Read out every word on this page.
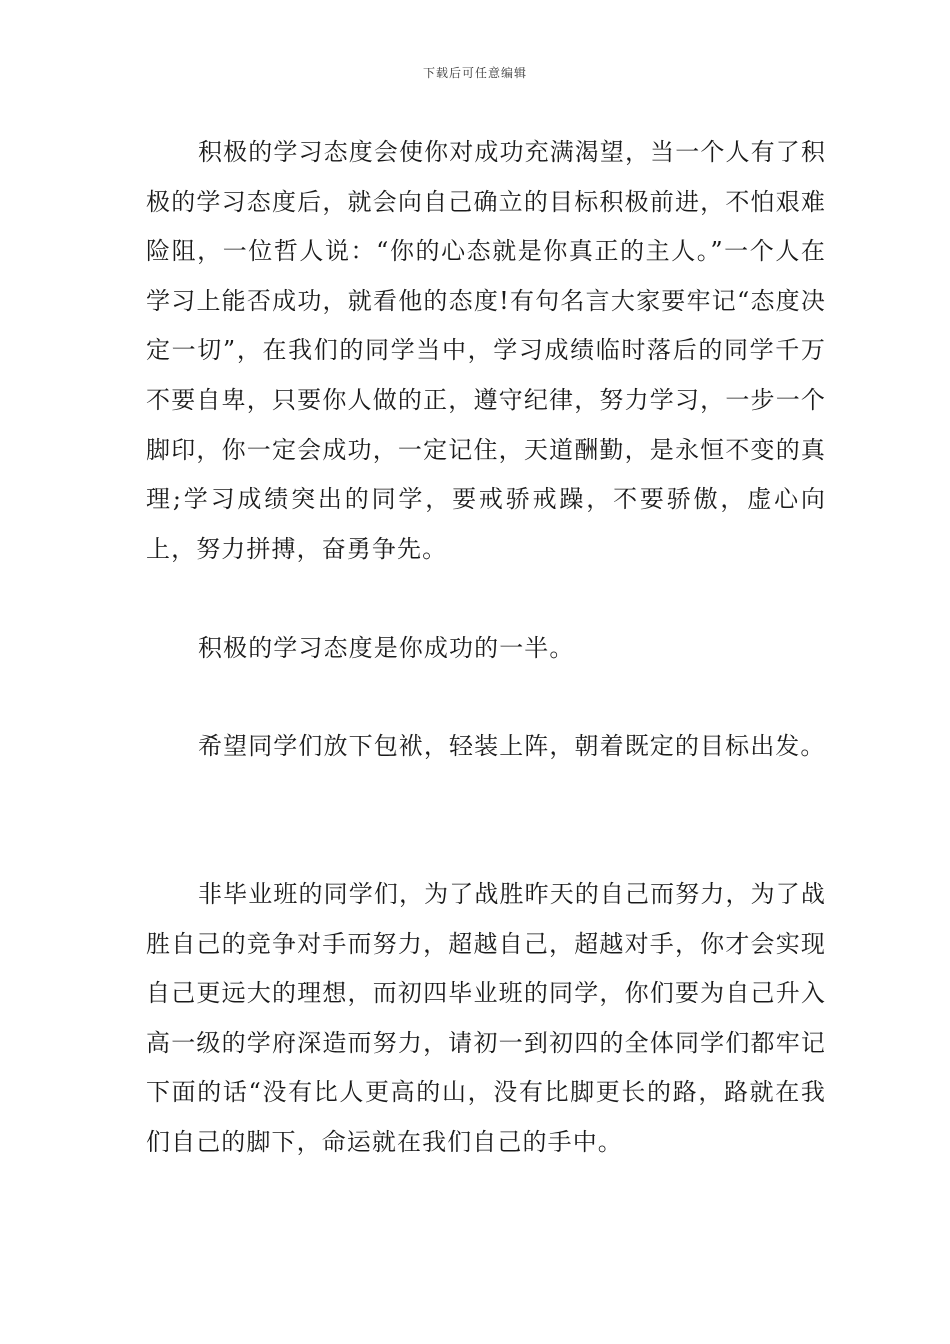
下载后可任意编辑

积极的学习态度会使你对成功充满渴望，当一个人有了积极的学习态度后，就会向自己确立的目标积极前进，不怕艰难险阻，一位哲人说：“你的心态就是你真正的主人。”一个人在学习上能否成功，就看他的态度!有句名言大家要牢记“态度决定一切”，在我们的同学当中，学习成绩临时落后的同学千万不要自卑，只要你人做的正，遵守纪律，努力学习，一步一个脚印，你一定会成功，一定记住，天道酬勤，是永恒不变的真理;学习成绩突出的同学，要戒骄戒躁，不要骄傲，虚心向上，努力拼搏，奋勇争先。

积极的学习态度是你成功的一半。

希望同学们放下包袱，轻装上阵，朝着既定的目标出发。

非毕业班的同学们，为了战胜昨天的自己而努力，为了战胜自己的竞争对手而努力，超越自己，超越对手，你才会实现自己更远大的理想，而初四毕业班的同学，你们要为自己升入高一级的学府深造而努力，请初一到初四的全体同学们都牢记下面的话“没有比人更高的山，没有比脚更长的路，路就在我们自己的脚下，命运就在我们自己的手中。
